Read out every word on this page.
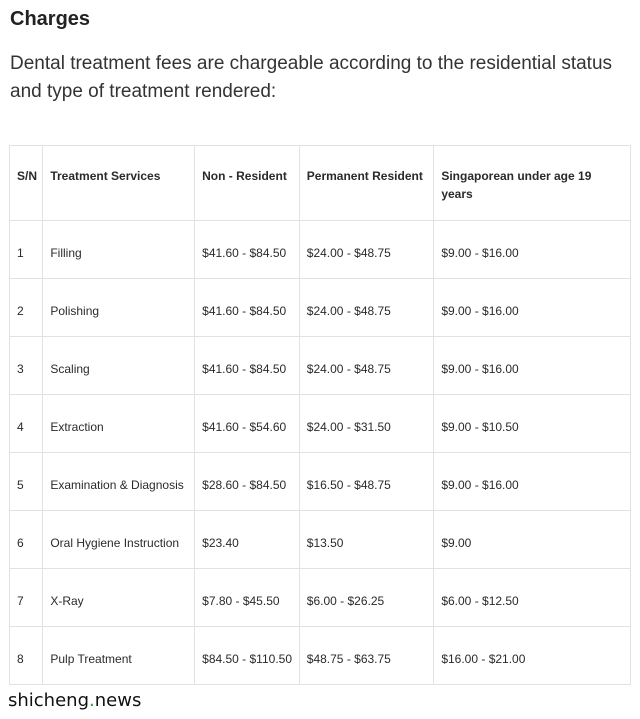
Charges
Dental treatment fees are chargeable according to the residential status and type of treatment rendered:
S/N	Treatment Services	Non - Resident	Permanent Resident	Singaporean under age 19 years
1	Filling	$41.60 - $84.50	$24.00 - $48.75	$9.00 - $16.00
2	Polishing	$41.60 - $84.50	$24.00 - $48.75	$9.00 - $16.00
3	Scaling	$41.60 - $84.50	$24.00 - $48.75	$9.00 - $16.00
4	Extraction	$41.60 - $54.60	$24.00 - $31.50	$9.00 - $10.50
5	Examination & Diagnosis	$28.60 - $84.50	$16.50 - $48.75	$9.00 - $16.00
6	Oral Hygiene Instruction	$23.40	$13.50	$9.00
7	X-Ray	$7.80 - $45.50	$6.00 - $26.25	$6.00 - $12.50
8	Pulp Treatment	$84.50 - $110.50	$48.75 - $63.75	$16.00 - $21.00
shicheng.news
